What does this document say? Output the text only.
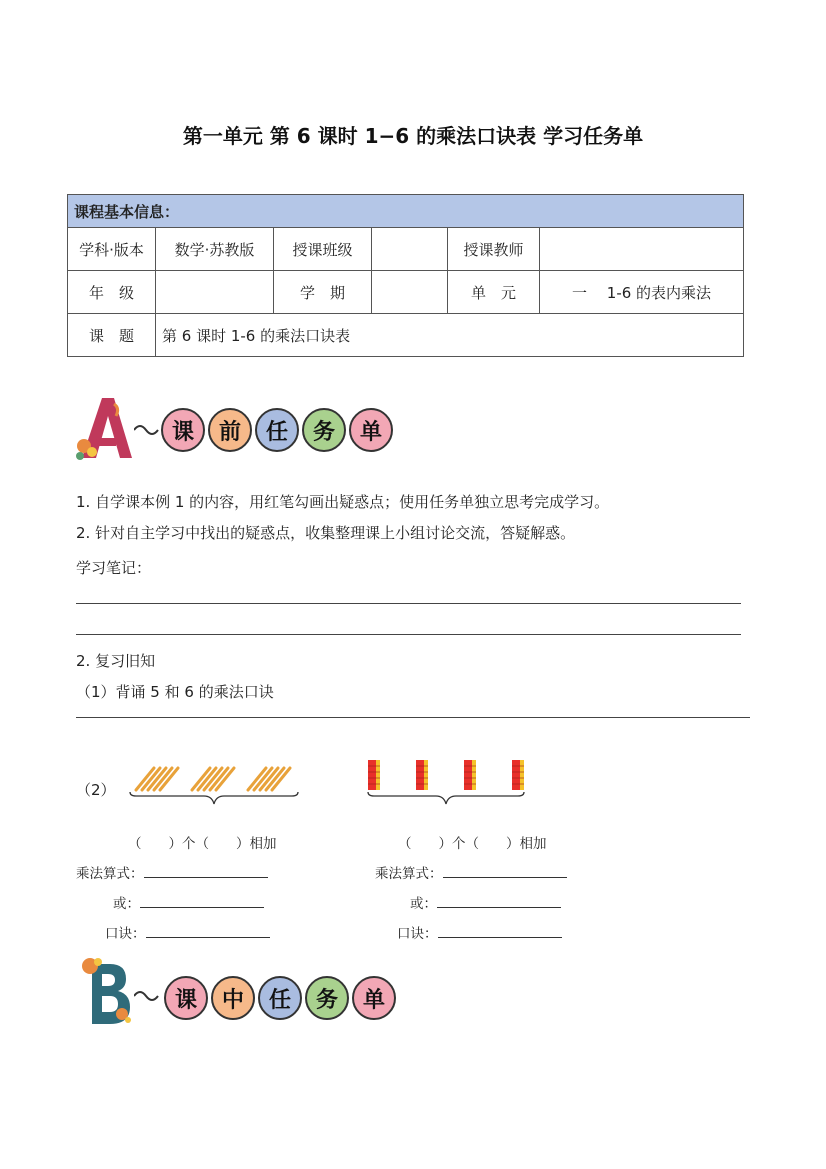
第一单元 第 6 课时 1−6 的乘法口诀表 学习任务单
课程基本信息：					
学科·版本	数学·苏教版	授课班级		授课教师	
年　级		学　期		单　元	一　 1-6 的表内乘法
课　题	第 6 课时 1-6 的乘法口诀表				
课	前	任	务	单
1. 自学课本例 1 的内容，用红笔勾画出疑惑点；使用任务单独立思考完成学习。
2. 针对自主学习中找出的疑惑点，收集整理课上小组讨论交流，答疑解惑。
学习笔记：
2. 复习旧知
（1）背诵 5 和 6 的乘法口诀
（2）
（　　）个（　　）相加
乘法算式：
或：
口诀：
（　　）个（　　）相加
乘法算式：
或：
口诀：
课	中	任	务	单
